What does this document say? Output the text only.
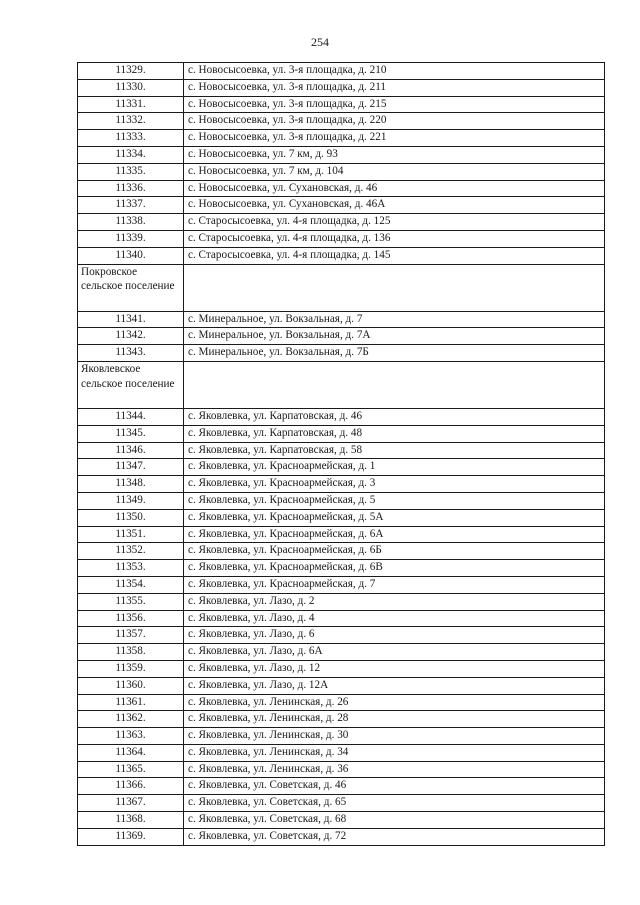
254
11329.	с. Новосысоевка, ул. 3-я площадка, д. 210
11330.	с. Новосысоевка, ул. 3-я площадка, д. 211
11331.	с. Новосысоевка, ул. 3-я площадка, д. 215
11332.	с. Новосысоевка, ул. 3-я площадка, д. 220
11333.	с. Новосысоевка, ул. 3-я площадка, д. 221
11334.	с. Новосысоевка, ул. 7 км, д. 93
11335.	с. Новосысоевка, ул. 7 км, д. 104
11336.	с. Новосысоевка, ул. Сухановская, д. 46
11337.	с. Новосысоевка, ул. Сухановская, д. 46А
11338.	с. Старосысоевка, ул. 4-я площадка, д. 125
11339.	с. Старосысоевка, ул. 4-я площадка, д. 136
11340.	с. Старосысоевка, ул. 4-я площадка, д. 145
Покровское сельское поселение	
11341.	с. Минеральное, ул. Вокзальная, д. 7
11342.	с. Минеральное, ул. Вокзальная, д. 7А
11343.	с. Минеральное, ул. Вокзальная, д. 7Б
Яковлевское сельское поселение	
11344.	с. Яковлевка, ул. Карпатовская, д. 46
11345.	с. Яковлевка, ул. Карпатовская, д. 48
11346.	с. Яковлевка, ул. Карпатовская, д. 58
11347.	с. Яковлевка, ул. Красноармейская, д. 1
11348.	с. Яковлевка, ул. Красноармейская, д. 3
11349.	с. Яковлевка, ул. Красноармейская, д. 5
11350.	с. Яковлевка, ул. Красноармейская, д. 5А
11351.	с. Яковлевка, ул. Красноармейская, д. 6А
11352.	с. Яковлевка, ул. Красноармейская, д. 6Б
11353.	с. Яковлевка, ул. Красноармейская, д. 6В
11354.	с. Яковлевка, ул. Красноармейская, д. 7
11355.	с. Яковлевка, ул. Лазо, д. 2
11356.	с. Яковлевка, ул. Лазо, д. 4
11357.	с. Яковлевка, ул. Лазо, д. 6
11358.	с. Яковлевка, ул. Лазо, д. 6А
11359.	с. Яковлевка, ул. Лазо, д. 12
11360.	с. Яковлевка, ул. Лазо, д. 12А
11361.	с. Яковлевка, ул. Ленинская, д. 26
11362.	с. Яковлевка, ул. Ленинская, д. 28
11363.	с. Яковлевка, ул. Ленинская, д. 30
11364.	с. Яковлевка, ул. Ленинская, д. 34
11365.	с. Яковлевка, ул. Ленинская, д. 36
11366.	с. Яковлевка, ул. Советская, д. 46
11367.	с. Яковлевка, ул. Советская, д. 65
11368.	с. Яковлевка, ул. Советская, д. 68
11369.	с. Яковлевка, ул. Советская, д. 72
